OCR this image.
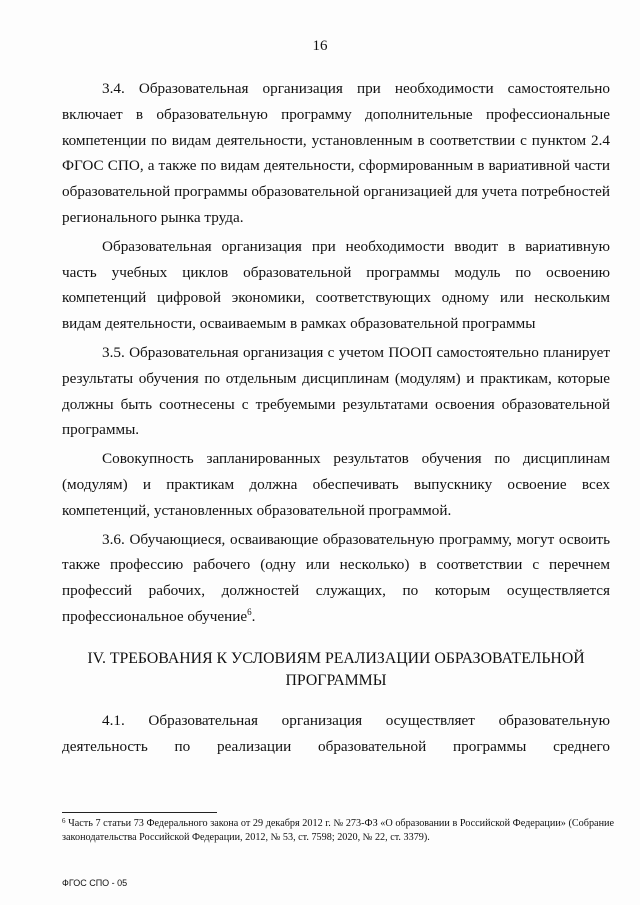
16

3.4. Образовательная организация при необходимости самостоятельно включает в образовательную программу дополнительные профессиональные компетенции по видам деятельности, установленным в соответствии с пунктом 2.4 ФГОС СПО, а также по видам деятельности, сформированным в вариативной части образовательной программы образовательной организацией для учета потребностей регионального рынка труда.

Образовательная организация при необходимости вводит в вариативную часть учебных циклов образовательной программы модуль по освоению компетенций цифровой экономики, соответствующих одному или нескольким видам деятельности, осваиваемым в рамках образовательной программы

3.5. Образовательная организация с учетом ПООП самостоятельно планирует результаты обучения по отдельным дисциплинам (модулям) и практикам, которые должны быть соотнесены с требуемыми результатами освоения образовательной программы.

Совокупность запланированных результатов обучения по дисциплинам (модулям) и практикам должна обеспечивать выпускнику освоение всех компетенций, установленных образовательной программой.

3.6. Обучающиеся, осваивающие образовательную программу, могут освоить также профессию рабочего (одну или несколько) в соответствии с перечнем профессий рабочих, должностей служащих, по которым осуществляется профессиональное обучение$^6$.

IV. ТРЕБОВАНИЯ К УСЛОВИЯМ РЕАЛИЗАЦИИ ОБРАЗОВАТЕЛЬНОЙ ПРОГРАММЫ

4.1. Образовательная организация осуществляет образовательную деятельность по реализации образовательной программы среднего

$^6$ Часть 7 статьи 73 Федерального закона от 29 декабря 2012 г. № 273-ФЗ «О образовании в Российской Федерации» (Собрание законодательства Российской Федерации, 2012, № 53, ст. 7598; 2020, № 22, ст. 3379).
ФГОС СПО - 05
